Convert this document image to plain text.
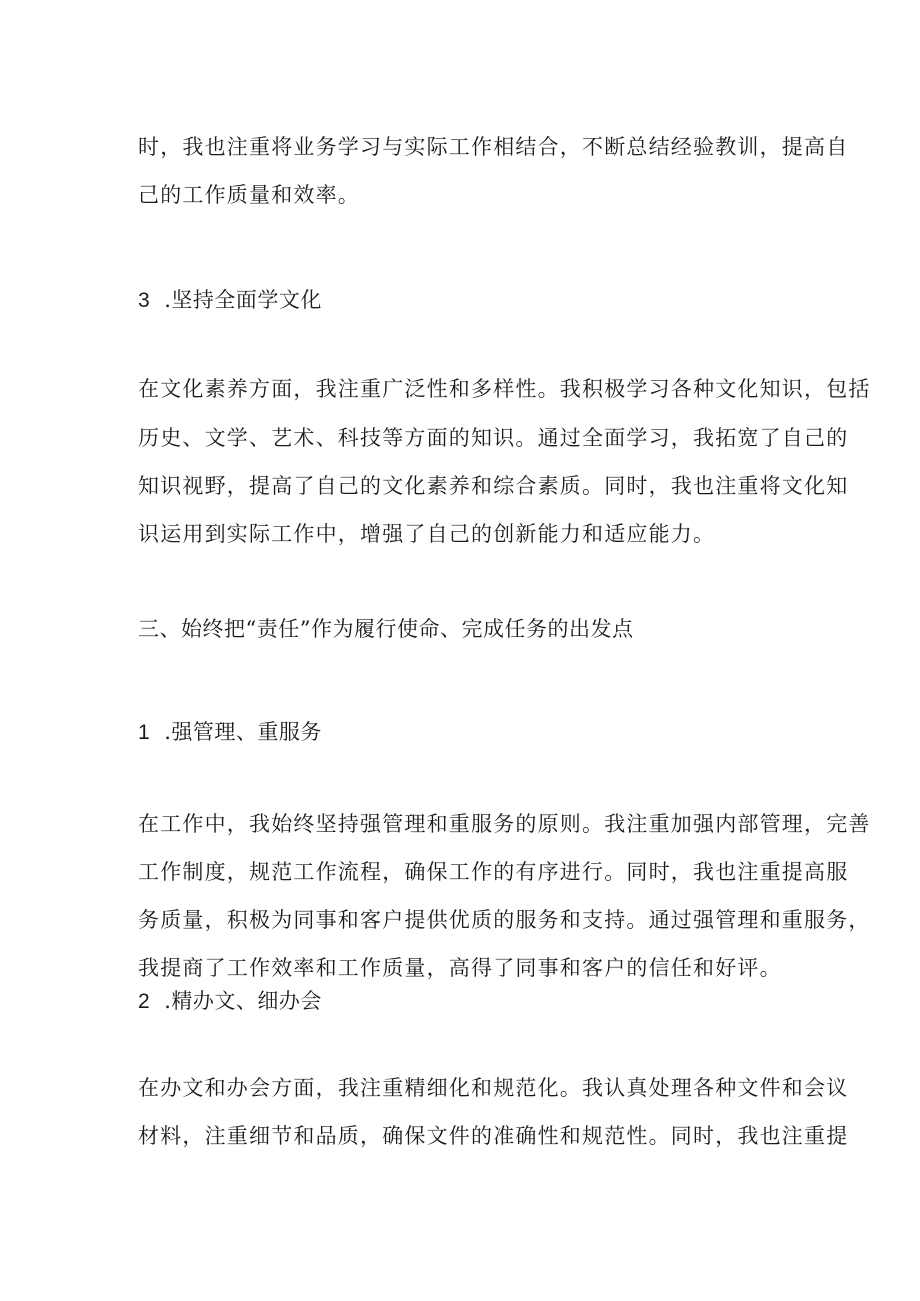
时，我也注重将业务学习与实际工作相结合，不断总结经验教训，提高自
己的工作质量和效率。
3 .坚持全面学文化
在文化素养方面，我注重广泛性和多样性。我积极学习各种文化知识，包括
历史、文学、艺术、科技等方面的知识。通过全面学习，我拓宽了自己的
知识视野，提高了自己的文化素养和综合素质。同时，我也注重将文化知
识运用到实际工作中，增强了自己的创新能力和适应能力。
三、始终把“责任”作为履行使命、完成任务的出发点
1 .强管理、重服务
在工作中，我始终坚持强管理和重服务的原则。我注重加强内部管理，完善
工作制度，规范工作流程，确保工作的有序进行。同时，我也注重提高服
务质量，积极为同事和客户提供优质的服务和支持。通过强管理和重服务，
我提商了工作效率和工作质量，高得了同事和客户的信任和好评。
2 .精办文、细办会
在办文和办会方面，我注重精细化和规范化。我认真处理各种文件和会议
材料，注重细节和品质，确保文件的准确性和规范性。同时，我也注重提
